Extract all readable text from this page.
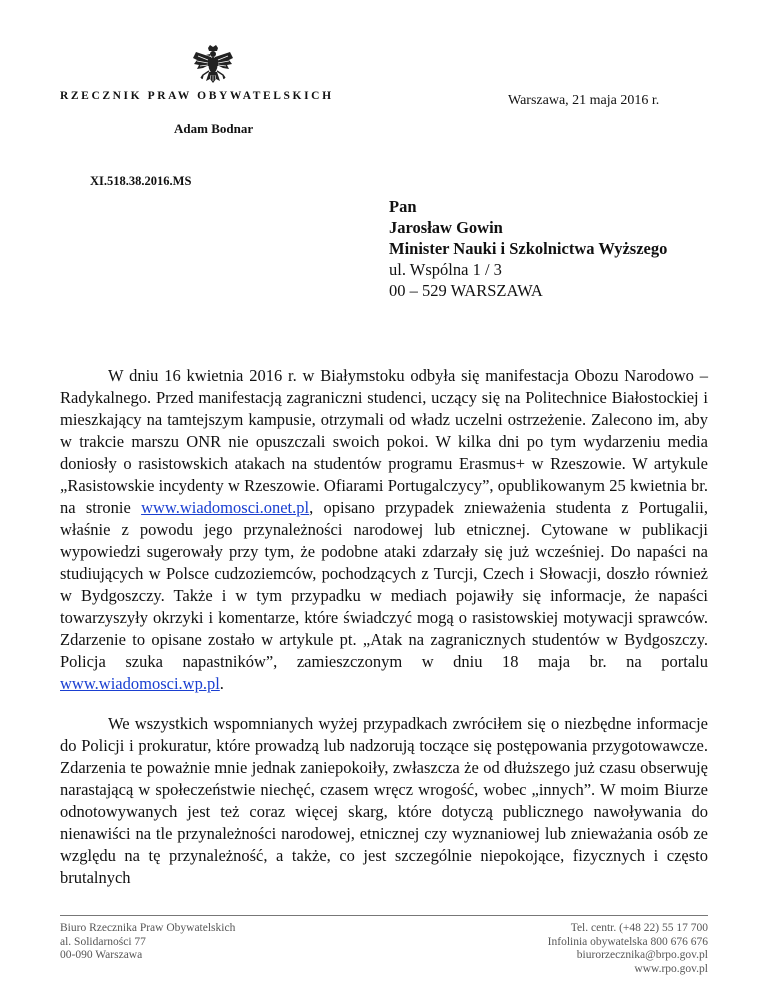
RZECZNIK PRAW OBYWATELSKICH	Warszawa, 21 maja 2016 r.
Adam Bodnar
XI.518.38.2016.MS
Pan
Jarosław Gowin
Minister Nauki i Szkolnictwa Wyższego
ul. Wspólna 1 / 3
00 – 529 WARSZAWA
W dniu 16 kwietnia 2016 r. w Białymstoku odbyła się manifestacja Obozu Narodowo – Radykalnego. Przed manifestacją zagraniczni studenci, uczący się na Politechnice Białostockiej i mieszkający na tamtejszym kampusie, otrzymali od władz uczelni ostrzeżenie. Zalecono im, aby w trakcie marszu ONR nie opuszczali swoich pokoi. W kilka dni po tym wydarzeniu media doniosły o rasistowskich atakach na studentów programu Erasmus+ w Rzeszowie. W artykule „Rasistowskie incydenty w Rzeszowie. Ofiarami Portugalczycy”, opublikowanym 25 kwietnia br. na stronie www.wiadomosci.onet.pl, opisano przypadek znieważenia studenta z Portugalii, właśnie z powodu jego przynależności narodowej lub etnicznej. Cytowane w publikacji wypowiedzi sugerowały przy tym, że podobne ataki zdarzały się już wcześniej. Do napaści na studiujących w Polsce cudzoziemców, pochodzących z Turcji, Czech i Słowacji, doszło również w Bydgoszczy. Także i w tym przypadku w mediach pojawiły się informacje, że napaści towarzyszyły okrzyki i komentarze, które świadczyć mogą o rasistowskiej motywacji sprawców. Zdarzenie to opisane zostało w artykule pt. „Atak na zagranicznych studentów w Bydgoszczy. Policja szuka napastników”, zamieszczonym w dniu 18 maja br. na portalu www.wiadomosci.wp.pl.
We wszystkich wspomnianych wyżej przypadkach zwróciłem się o niezbędne informacje do Policji i prokuratur, które prowadzą lub nadzorują toczące się postępowania przygotowawcze. Zdarzenia te poważnie mnie jednak zaniepokoiły, zwłaszcza że od dłuższego już czasu obserwuję narastającą w społeczeństwie niechęć, czasem wręcz wrogość, wobec „innych”. W moim Biurze odnotowywanych jest też coraz więcej skarg, które dotyczą publicznego nawoływania do nienawiści na tle przynależności narodowej, etnicznej czy wyznaniowej lub znieważania osób ze względu na tę przynależność, a także, co jest szczególnie niepokojące, fizycznych i często brutalnych
Biuro Rzecznika Praw Obywatelskich
al. Solidarności 77
00-090 Warszawa
Tel. centr. (+48 22) 55 17 700
Infolinia obywatelska 800 676 676
biurorzecznika@brpo.gov.pl
www.rpo.gov.pl
